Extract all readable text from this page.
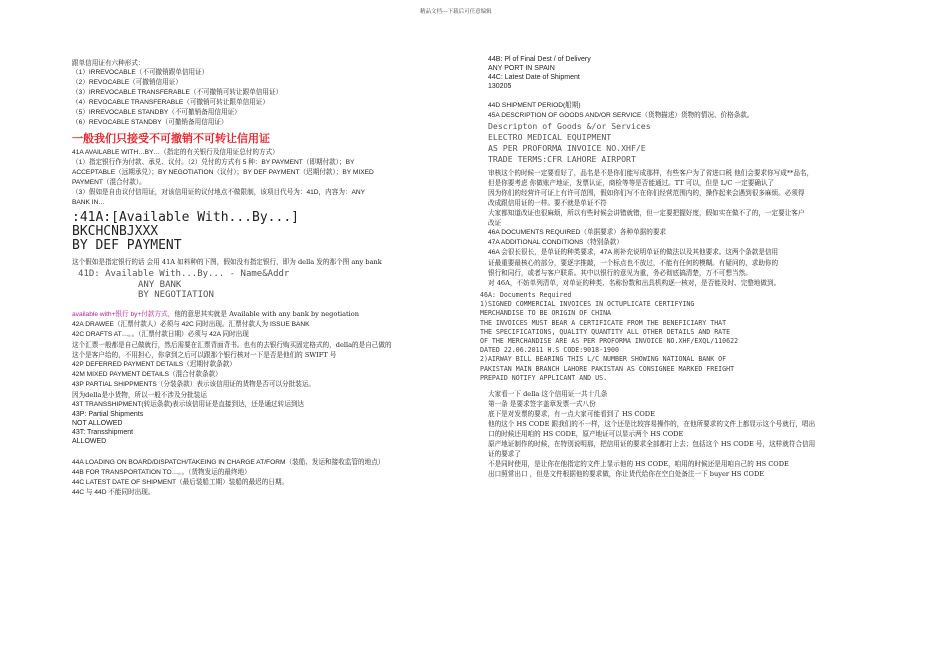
精品文档---下载后可任意编辑

跟单信用证有六种形式：

（1）IRREVOCABLE（不可撤销跟单信用证）

（2）REVOCABLE（可撤销信用证）

（3）IRREVOCABLE TRANSFERABLE（不可撤销可转让跟单信用证）

（4）REVOCABLE TRANSFERABLE（可撤销可转让跟单信用证）

（5）IRREVOCABLE STANDBY（不可撤销备用信用证）

（6）REVOCABLE STANDBY（可撤销备用信用证）

一般我们只接受不可撤销不可转让信用证

41A AVAILABLE WITH…BY…（指定的有关银行及信用证总付的方式）

（1）指定银行作为付款、承兑、议付。（2）兑付的方式有 5 种：BY PAYMENT（即期付款）；BY

ACCEPTABLE（远期承兑）；BY NEGOTIATION（议付）；BY DEF PAYMENT（迟期付款）；BY MIXED

PAYMENT（混合付款）。

（3）假如是自由议付信用证，对该信用证的议付地点不做限制，该项目代号为：41D，内容为：ANY

BANK IN…

:41A:[Available With...By...]

BKCHCNBJXXX

BY DEF PAYMENT

这个假如是指定银行的话 会用 41A 如料种的下图，假如没有指定银行，即为 della 发的那个图 any bank

41D: Available With...By... - Name&Addr

ANY BANK

BY NEGOTIATION

available with+银行 by+付款方式，他的意思其实就是 Available with any bank by negotiation

42A DRAWEE（汇票付款人）必须与 42C 同时出现。汇票付款人为 ISSUE BANK

42C DRAFTS AT…。。（汇票付款日期）必须与 42A 同时出现

这个汇票一般都是自己做就行，然后需要在汇票背面背书。也有的去银行购买固定格式的，della的是自己做的

这个是客户给的，不用担心，你拿到之后可以跟那个银行核对一下是否是他们的 SWIFT 号

42P DEFERRED PAYMENT DETAILS（迟期付款条款）

42M MIXED PAYMENT DETAILS（混合付款条款）

43P PARTIAL SHIPPMENTS（分装条款）表示该信用证的货物是否可以分批装运。

因为della是小货物，所以一般不涉及分批装运

43T TRANSSHIPMENT(转运条款)表示该信用证是直接到达，还是通过转运到达

43P: Partial Shipments

NOT ALLOWED

43T: Transshipment

ALLOWED

44A LOADING ON BOARD/DISPATCH/TAKEING IN CHARGE AT/FORM（装船、发运和接收监管的地点）

44B FOR TRANSPORTATION TO…。。（货物发运的最终地）

44C LATEST DATE OF SHIPMENT（最后装船工期）装船的最迟的日期。

44C 与 44D 不能同时出现。

44B: Pl of Final Dest / of Delivery

ANY PORT IN SPAIN

44C: Latest Date of Shipment

130205

44D SHIPMENT PERIOD(船期)

45A DESCRIPTION OF GOODS AND/OR SERVICE（货物描述）货物的情况、价格条款。

Descripton of Goods &/or Services

ELECTRO MEDICAL EQUIPMENT

AS PER PROFORMA INVOICE NO.XHF/E

TRADE TERMS:CFR LAHORE AIRPORT

审核这个的时候一定要看好了，品名是不是你们能写成那样，有些客户为了省进口税 他们会要求你写成**品名，

但是你要考虑 你做账产地证，发票认证，商检等等是否能通过。TT 可以，但是 L/C 一定要确认了

因为你们的经营许可证上有许可范围，假如你们写不在你们经营范围内的，操作起来会遇到很多麻烦。必须得

改成跟信用证的一样。要不就是单证不符

大家都知道改证也很麻烦，所以有些时候会讲错就错，但一定要把握好度，假如实在做不了的，一定要让客户

改证

46A DOCUMENTS REQUIRED（单据要求）各种单据的要求

47A ADDITIONAL CONDITIONS（特别条款）

46A 会很长很长，是单证的种类要求，47A 则补充说明单证的做法以及其他要求。这两个条款是信用

证最重要最核心的部分，要逐字推敲，一个标点也不放过，不能有任何的模糊。有疑问的，求助你的

银行和同行，或者与客户联系。其中以银行的意见为重，务必彻底搞清楚，万不可想当然。

对 46A，不妨单列清单，对单证的种类、名称份数和出具机构逐一核对，是否能及时、完整地做到。

46A: Documents Required

1)SIGNED COMMERCIAL INVOICES IN OCTUPLICATE CERTIFYING

MERCHANDISE TO BE ORIGIN OF CHINA

THE INVOICES MUST BEAR A CERTIFICATE FROM THE BENEFICIARY THAT

THE SPECIFICATIONS, QUALITY QUANTITY ALL OTHER DETAILS AND RATE

OF THE MERCHANDISE ARE AS PER PROFORMA INVOICE NO.XHF/EXQL/110622

DATED 22.06.2011 H.S CODE:9018-1900

2)AIRWAY BILL BEARING THIS L/C NUMBER SHOWING NATIONAL BANK OF

PAKISTAN MAIN BRANCH LAHORE PAKISTAN AS CONSIGNEE MARKED FREIGHT

PREPAID NOTIFY APPLICANT AND US.

大家看一下 della 这个信用证一共十几条

第一条 是要求签字盖章发票一式八份

底下是对发票的要求，有一点大家可能看到了 HS CODE

他的这个 HS CODE 跟我们的不一样，这个还是比较容易操作的，在他所要求的文件上都显示这个号就行，唱出

口的时候还用咱的 HS CODE，原产地证可以显示两个 HS CODE

原产地证制作的时候，在特别说明那，把信用证的要求全部都打上去；包括这个 HS CODE 号，这样就符合信用

证的要求了

不是同时使用，是让你在他指定的文件上显示他的 HS CODE，咱用的时候还是用咱自己的 HS CODE

出口照常出口 ，但是文件根据他的要求做，你让货代给你在空白处备注一下 buyer HS CODE
